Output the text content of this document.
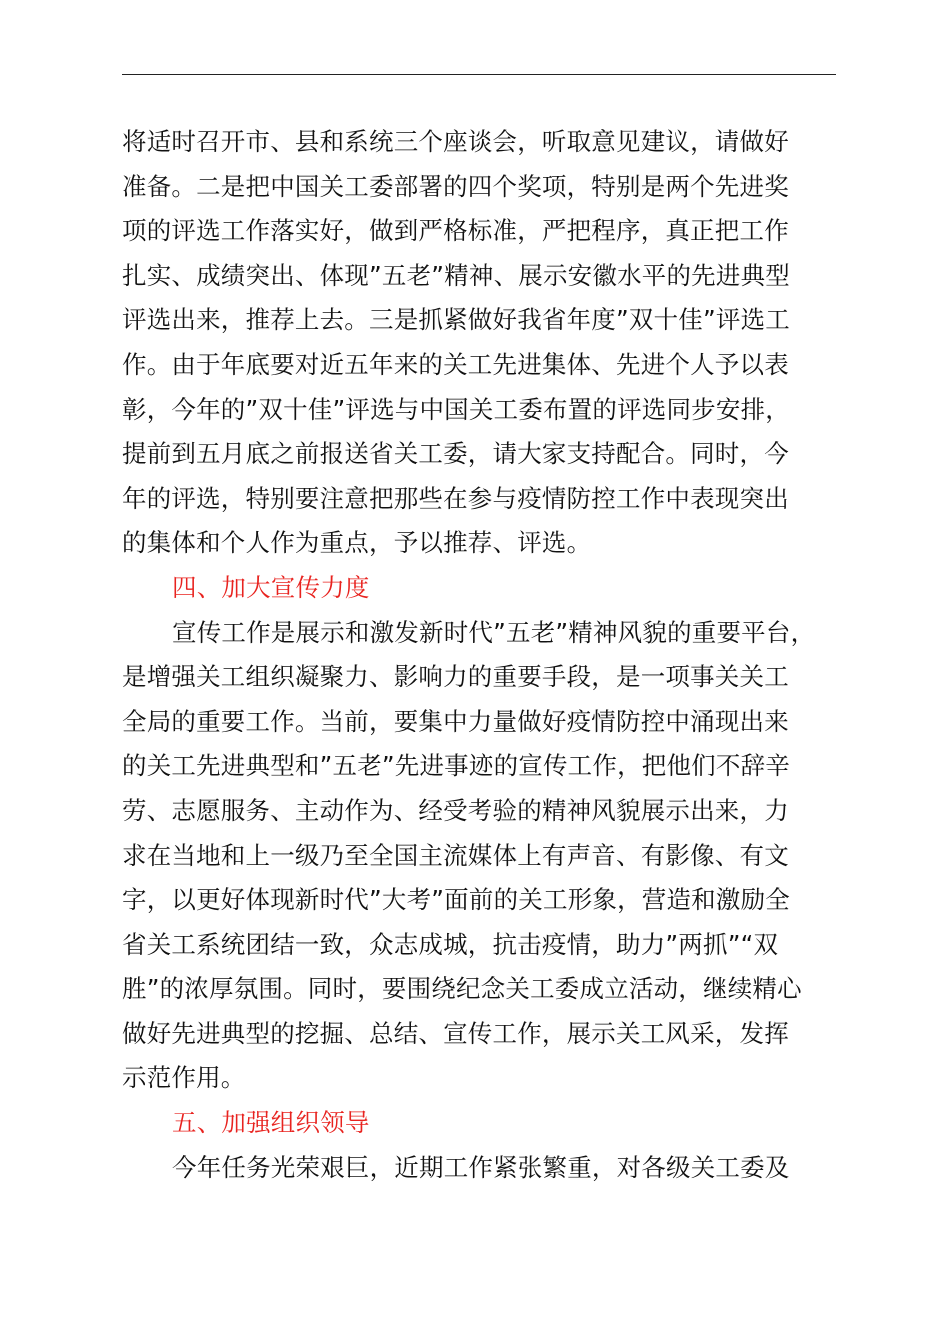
将适时召开市、县和系统三个座谈会，听取意见建议，请做好
准备。二是把中国关工委部署的四个奖项，特别是两个先进奖
项的评选工作落实好，做到严格标准，严把程序，真正把工作
扎实、成绩突出、体现”五老”精神、展示安徽水平的先进典型
评选出来，推荐上去。三是抓紧做好我省年度”双十佳”评选工
作。由于年底要对近五年来的关工先进集体、先进个人予以表
彰，今年的”双十佳”评选与中国关工委布置的评选同步安排，
提前到五月底之前报送省关工委，请大家支持配合。同时，今
年的评选，特别要注意把那些在参与疫情防控工作中表现突出
的集体和个人作为重点，予以推荐、评选。
四、加大宣传力度
宣传工作是展示和激发新时代”五老”精神风貌的重要平台，
是增强关工组织凝聚力、影响力的重要手段，是一项事关关工
全局的重要工作。当前，要集中力量做好疫情防控中涌现出来
的关工先进典型和”五老”先进事迹的宣传工作，把他们不辞辛
劳、志愿服务、主动作为、经受考验的精神风貌展示出来，力
求在当地和上一级乃至全国主流媒体上有声音、有影像、有文
字，以更好体现新时代”大考”面前的关工形象，营造和激励全
省关工系统团结一致，众志成城，抗击疫情，助力”两抓”“双
胜”的浓厚氛围。同时，要围绕纪念关工委成立活动，继续精心
做好先进典型的挖掘、总结、宣传工作，展示关工风采，发挥
示范作用。
五、加强组织领导
今年任务光荣艰巨，近期工作紧张繁重，对各级关工委及
